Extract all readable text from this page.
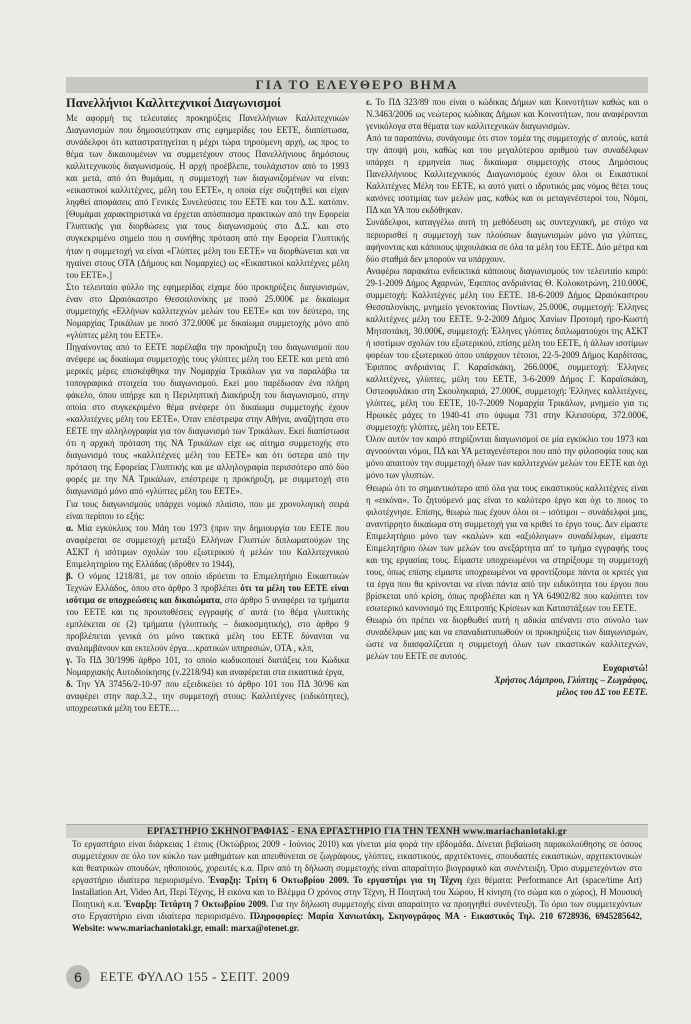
ΓΙΑ ΤΟ ΕΛΕΥΘΕΡΟ ΒΗΜΑ

Πανελλήνιοι Καλλιτεχνικοί Διαγωνισμοί

Με αφορμή τις τελευταίες προκηρύξεις Πανελλήνιων Καλλιτεχνικών Διαγωνισμών που δημοσιεύτηκαν στις εφημερίδες του ΕΕΤΕ, διαπίστωσα, συνάδελφοι ότι καταστρατηγείται η μέχρι τώρα τηρούμενη αρχή, ως προς το θέμα των δικαιουμένων να συμμετέχουν στους Πανελλήνιους δημόσιους καλλιτεχνικούς διαγωνισμούς. Η αρχή προέβλεπε, τουλάχιστον από το 1993 και μετά, από ότι θυμάμαι, η συμμετοχή των διαγωνιζομένων να είναι: «εικαστικοί καλλιτέχνες, μέλη του ΕΕΤΕ», η οποία είχε συζητηθεί και είχαν ληφθεί αποφάσεις από Γενικές Συνελεύσεις του ΕΕΤΕ και του Δ.Σ. κατόπιν. [Θυμάμαι χαρακτηριστικά να έρχεται απόσπασμα πρακτικών από την Εφορεία Γλυπτικής για διορθώσεις για τους διαγωνισμούς στο Δ.Σ. και στο συγκεκριμένο σημείο που η συνήθης πρόταση από την Εφορεία Γλυπτικής ήταν η συμμετοχή να είναι «Γλύπτες μέλη του ΕΕΤΕ» να διορθώνεται και να ηγαίνει στους ΟΤΑ (Δήμους και Νομαρχίες) ως «Εικαστικοί καλλιτέχνες μέλη του ΕΕΤΕ».]

Στο τελευταίο φύλλο της εφημερίδας είχαμε δύο προκηρύξεις διαγωνισμών, έναν στο Ωραιόκαστρο Θεσσαλονίκης με ποσό 25.000€ με δικαίωμα συμμετοχής «Ελλήνων καλλιτεχνών μελών του ΕΕΤΕ» και τον δεύτερο, της Νομαρχίας Τρικάλων με ποσό 372.000€ με δικαίωμα συμμετοχής μόνο από «γλύπτες μέλη του ΕΕΤΕ».

Πηγαίνοντας από το ΕΕΤΕ παρέλαβα την προκήρυξη του διαγωνισμού που ανέφερε ως δικαίωμα συμμετοχής τους γλύπτες μέλη του ΕΕΤΕ και μετά από μερικές μέρες επισκέφθηκα την Νομαρχία Τρικάλων για να παραλάβω τα τοπογραφικά στοιχεία του διαγωνισμού. Εκεί μου παρέδωσαν ένα πλήρη φάκελο, όπου υπήρχε και η Περιληπτική Διακήρυξη του διαγωνισμού, στην οποία στο συγκεκριμένο θέμα ανέφερε ότι δικαίωμα συμμετοχής έχουν «καλλιτέχνες μέλη του ΕΕΤΕ». Όταν επέστρεψα στην Αθήνα, αναζήτησα στο ΕΕΤΕ την αλληλογραφία για τον διαγωνισμό των Τρικάλων. Εκεί διαπίστωσα ότι η αρχική πρόταση της ΝΑ Τρικάλων είχε ως αίτημα συμμετοχής στο διαγωνισμό τους «καλλιτέχνες μέλη του ΕΕΤΕ» και ότι ύστερα από την πρόταση της Εφορείας Γλυπτικής και με αλληλογραφία περισσότερο από δύο φορές με την ΝΑ Τρικάλων, επέστρεψε η προκήρυξη, με συμμετοχή στο διαγωνισμό μόνο από «γλύπτες μέλη του ΕΕΤΕ».

Για τους διαγωνισμούς υπάρχει νομικό πλαίσιο, που με χρονολογική σειρά είναι περίπου το εξής:

α. Μία εγκύκλιος του Μάη του 1973 (πριν την δημιουργία του ΕΕΤΕ που αναφέρεται σε συμμετοχή μεταξύ Ελλήνων Γλυπτών διπλωματούχων της ΑΣΚΤ ή ισότιμων σχολών του εξωτερικού ή μελών του Καλλιτεχνικού Επιμελητηρίου της Ελλάδας (ιδρύθεν το 1944),

β. Ο νόμος 1218/81, με τον οποίο ιδρύεται το Επιμελητήριο Εικαστικών Τεχνών Ελλάδος, όπου στο άρθρο 3 προβλέπει ότι τα μέλη του ΕΕΤΕ είναι ισότιμα σε υποχρεώσεις και δικαιώματα, στο άρθρο 5 αναφέρει τα τμήματα του ΕΕΤΕ και τις προυποθέσεις εγγραφής σ' αυτά (το θέμα γλυπτικής εμπλέκεται σε (2) τμήματα (γλυπτικής – διακοσμητικής), στο άρθρο 9 προβλέπεται γενικά ότι μόνο τακτικά μέλη του ΕΕΤΕ δύνανται να αναλαμβάνουν και εκτελούν έργα…κρατικών υπηρεσιών, ΟΤΑ , κλπ,

γ. Το ΠΔ 30/1996 άρθρο 101, το οποίο κωδικοποιεί διατάξεις του Κώδικα Νομαρχιακής Αυτοδιοίκησης (ν.2218/94) και αναφέρεται στα εικαστικά έργα,

δ. Την ΥΑ 37456/2-10-97 που εξειδικεύει τό άρθρο 101 του ΠΔ 30/96 και αναφέρει στην παρ.3.2., την συμμετοχή στους: Καλλιτέχνες (ειδικότητες), υποχρεωτικά μέλη του ΕΕΤΕ…

ε. Το ΠΔ 323/89 που είναι ο κώδικας Δήμων και Κοινοτήτων καθώς και ο Ν.3463/2006 ως νεώτερος κώδικας Δήμων και Κοινοτήτων, που αναφέρονται γενικόλογα στα θέματα των καλλιτεχνικών διαγωνισμών.

Από τα παραπάνω, συνάγουμε ότι στον τομέα της συμμετοχής σ' αυτούς, κατά την άποψή μου, καθώς και του μεγαλύτερου αριθμού των συναδέλφων υπάρχει η ερμηνεία πως δικαίωμα συμμετοχής στους Δημόσιους Πανελλήνιους Καλλιτεχνικούς Διαγωνισμούς έχουν όλοι οι Εικαστικοί Καλλιτέχνες Μέλη του ΕΕΤΕ, κι αυτό γιατί ο ιδρυτικός μας νόμος θέτει τους κανόνες ισοτιμίας των μελών μας, καθώς και οι μεταγενέστεροί του, Νόμοι, ΠΔ και ΥΑ που εκδόθηκαν.

Συνάδελφοι, καταγγέλω αυτή τη μεθόδευση ως συντεχνιακή, με στόχο να περιορισθεί η συμμετοχή των πλούσιων διαγωνισμών μόνο για γλύπτες, αφήνοντας και κάποιους ψιχουλάκια σε όλα τα μέλη του ΕΕΤΕ. Δύο μέτρα και δύο σταθμά δεν μπορούν να υπάρχουν.

Αναφέρω παρακάτω ενδεικτικά κάποιους διαγωνισμούς τον τελευταίο καιρό: 29-1-2009 Δήμος Αχαρνών, Έφιππος ανδριάντας Θ. Κολοκοτρώνη, 210.000€, συμμετοχή: Καλλιτέχνες μέλη του ΕΕΤΕ. 18-6-2009 Δήμος Ωραιόκαστρου Θεσσαλονίκης, μνημείο γενοκτονίας Ποντίων, 25.000€, συμμετοχή: Έλληνες καλλιτέχνες μέλη του ΕΕΤΕ. 9-2-2009 Δήμος Χανίων Προτομή ηρο-Κωστή Μητσοτάκη, 30.000€, συμμετοχή: Έλληνες γλύπτες διπλωματούχοι της ΑΣΚΤ ή ισοτίμων σχολών του εξωτερικού, επίσης μέλη του ΕΕΤΕ, ή άλλων ισοτίμων φορέων του εξωτερικού όπου υπάρχουν τέτοιοι, 22-5-2009 Δήμος Καρδίτσας, Έφιππος ανδριάντας Γ. Καραϊσκάκη, 266.000€, συμμετοχή: Έλληνες καλλιτέχνες, γλύπτες, μέλη του ΕΕΤΕ, 3-6-2009 Δήμος Γ. Καραϊσκάκη, Οστεοφυλάκιο στη Σκουληκαριά, 27.000€, συμμετοχή: Έλληνες καλλιτέχνες, γλύπτες, μέλη του ΕΕΤΕ, 10-7-2009 Νομαρχία Τρικάλων, μνημείο για τις Ηρωικές μάχες το 1940-41 στο ύψωμα 731 στην Κλεισούρα, 372.000€, συμμετοχή: γλύπτες, μέλη του ΕΕΤΕ.

Όλον αυτόν τον καιρό στηρίζονται διαγωνισμοί σε μία εγκύκλιο του 1973 και αγνοούνται νόμοι, ΠΔ και ΥΑ μεταγενέστεροι που από την φιλοσοφία τους και μόνο απαιτούν την συμμετοχή όλων των καλλιτεχνών μελών του ΕΕΤΕ και όχι μόνο των γλυπτών.

Θεωρώ ότι το σημαντικότερο από όλα για τους εικαστικούς καλλιτέχνες είναι η «εικόνα». Το ζητούμενό μας είναι το καλύτερο έργο και όχι το ποιος το φιλοτέχνησε. Επίσης, θεωρώ πως έχουν όλοι οι – ισότιμοι – συνάδελφοί μας, αναντίρρητο δικαίωμα στη συμμετοχή για να κριθεί το έργο τους. Δεν είμαστε Επιμελητήριο μόνο των «καλών» και «αξιόλογων» συναδέλφων, είμαστε Επιμελητήριο όλων των μελών του ανεξάρτητα απ' το τμήμα εγγραφής τους και της εργασίας τους. Είμαστε υποχρεωμένοι να στηρίξουμε τη συμμετοχή τους, όπως επίσης είμαστε υποχρεωμένοι να φροντίζουμε πάντα οι κριτές για τα έργα που θα κρίνονται να είναι πάντα από την ειδικότητα του έργου που βρίσκεται υπό κρίση, όπως προβλέπει και η ΥΑ 64902/82 που καλύπτει τον εσωτερικό κανονισμό της Επιτροπής Κρίσεων και Καταστάξεων του ΕΕΤΕ.

Θεωρώ ότι πρέπει να διορθωθεί αυτή η αδικία απέναντι στο σύνολο των συναδέλφων μας και να επαναδιατυπωθούν οι προκηρύξεις των διαγωνισμών, ώστε να διασφαλίζεται η συμμετοχή όλων των εικαστικών καλλιτεχνών, μελών του ΕΕΤΕ σε αυτούς.

Ευχαριστώ!

Χρήστος Λάμπρου, Γλύπτης – Ζωγράφος,

μέλος του ΔΣ του ΕΕΤΕ.

ΕΡΓΑΣΤΗΡΙΟ ΣΚΗΝΟΓΡΑΦΙΑΣ - ΕΝΑ ΕΡΓΑΣΤΗΡΙΟ ΓΙΑ ΤΗΝ ΤΕΧΝΗ www.mariachaniotaki.gr
Το εργαστήριο είναι διάρκειας 1 έτους (Οκτώβριος 2009 - Ιούνιος 2010) και γίνεται μία φορά την εβδομάδα. Δίνεται βεβαίωση παρακολούθησης σε όσους συμμετέχουν σε όλο τον κύκλο των μαθημάτων και απευθύνεται σε ζωγράφους, γλύπτες, εικαστικούς, αρχιτέκτονες, σπουδαστές εικαστικών, αρχιτεκτονικών και θεατρικών σπουδών, ηθοποιούς, χορευτές κ.α. Πριν από τη δήλωση συμμετοχής είναι απαραίτητο βιογραφικό και συνέντευξη. Όριο συμμετεχόντων στο εργαστήριο ιδιαίτερα περιορισμένο. Έναρξη: Τρίτη 6 Οκτωβρίου 2009. Το εργαστήρι για τη Τέχνη έχει θέματα: Performance Art (space/time Art) Installation Art, Video Art, Περί Τέχνης, Η εικόνα και το Βλέμμα Ο χρόνος στην Τέχνη, Η Ποιητική του Χώρου, Η κίνηση (το σώμα και ο χώρος), Η Μουσική Ποιητική κ.α. Έναρξη: Τετάρτη 7 Οκτωβρίου 2009. Για την δήλωση συμμετοχής είναι απαραίτητο να προηγηθεί συνέντευξη. Το όριο των συμμετεχόντων στο Εργαστήριο είναι ιδιαίτερα περιορισμένο. Πληροφορίες: Μαρία Χανιωτάκη, Σκηνογράφος ΜΑ - Εικαστικός Τηλ. 210 6728936, 6945285642, Website: www.mariachaniotaki.gr, email: marxa@otenet.gr.
6	ΕΕΤΕ ΦΥΛΛΟ 155 - ΣΕΠΤ. 2009
